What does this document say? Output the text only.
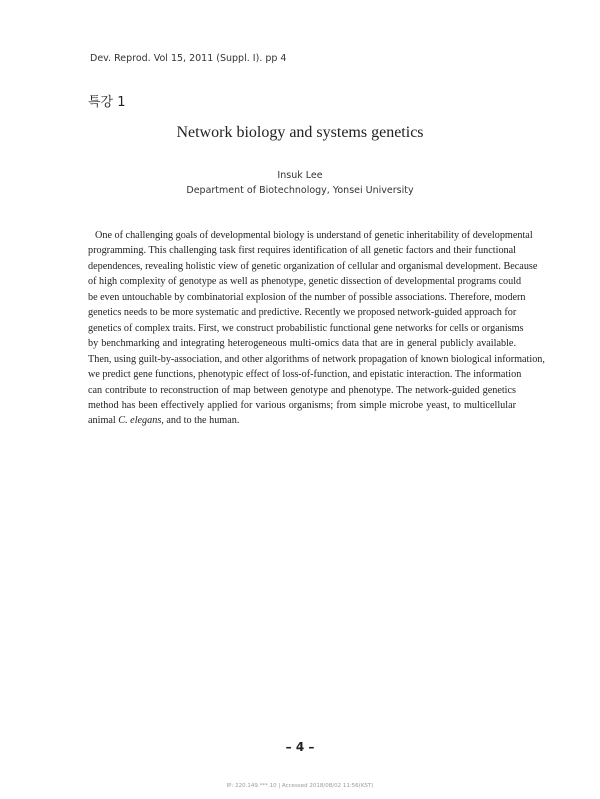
Dev. Reprod. Vol 15, 2011 (Suppl. I). pp 4
특강 1
Network biology and systems genetics
Insuk Lee
Department of Biotechnology, Yonsei University
One of challenging goals of developmental biology is understand of genetic inheritability of developmental
programming. This challenging task first requires identification of all genetic factors and their functional
dependences, revealing holistic view of genetic organization of cellular and organismal development. Because
of high complexity of genotype as well as phenotype, genetic dissection of developmental programs could
be even untouchable by combinatorial explosion of the number of possible associations. Therefore, modern
genetics needs to be more systematic and predictive. Recently we proposed network-guided approach for
genetics of complex traits. First, we construct probabilistic functional gene networks for cells or organisms
by benchmarking and integrating heterogeneous multi-omics data that are in general publicly available.
Then, using guilt-by-association, and other algorithms of network propagation of known biological information,
we predict gene functions, phenotypic effect of loss-of-function, and epistatic interaction. The information
can contribute to reconstruction of map between genotype and phenotype. The network-guided genetics
method has been effectively applied for various organisms; from simple microbe yeast, to multicellular
animal C. elegans, and to the human.
– 4 –
IP: 220.149.***.10 | Accessed 2018/08/02 11:56(KST)
